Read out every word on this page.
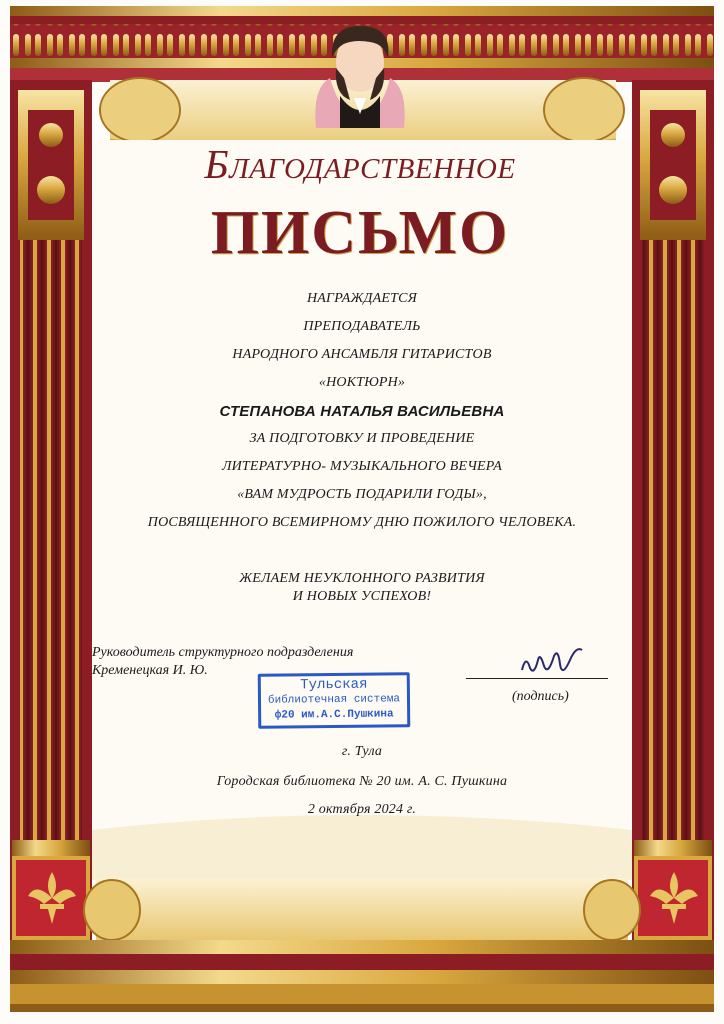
Благодарственное
ПИСЬМО
НАГРАЖДАЕТСЯ
ПРЕПОДАВАТЕЛЬ
НАРОДНОГО АНСАМБЛЯ ГИТАРИСТОВ
«НОКТЮРН»
СТЕПАНОВА НАТАЛЬЯ ВАСИЛЬЕВНА
ЗА ПОДГОТОВКУ И ПРОВЕДЕНИЕ
ЛИТЕРАТУРНО- МУЗЫКАЛЬНОГО ВЕЧЕРА
«ВАМ МУДРОСТЬ ПОДАРИЛИ ГОДЫ»,
ПОСВЯЩЕННОГО ВСЕМИРНОМУ ДНЮ ПОЖИЛОГО ЧЕЛОВЕКА.
ЖЕЛАЕМ НЕУКЛОННОГО РАЗВИТИЯ
И НОВЫХ УСПЕХОВ!
Руководитель структурного подразделения
Кременецкая И. Ю.
(подпись)
Тульская
библиотечная система
ф20 им.А.С.Пушкина
г. Тула
Городская библиотека № 20 им. А. С. Пушкина
2 октября 2024 г.
